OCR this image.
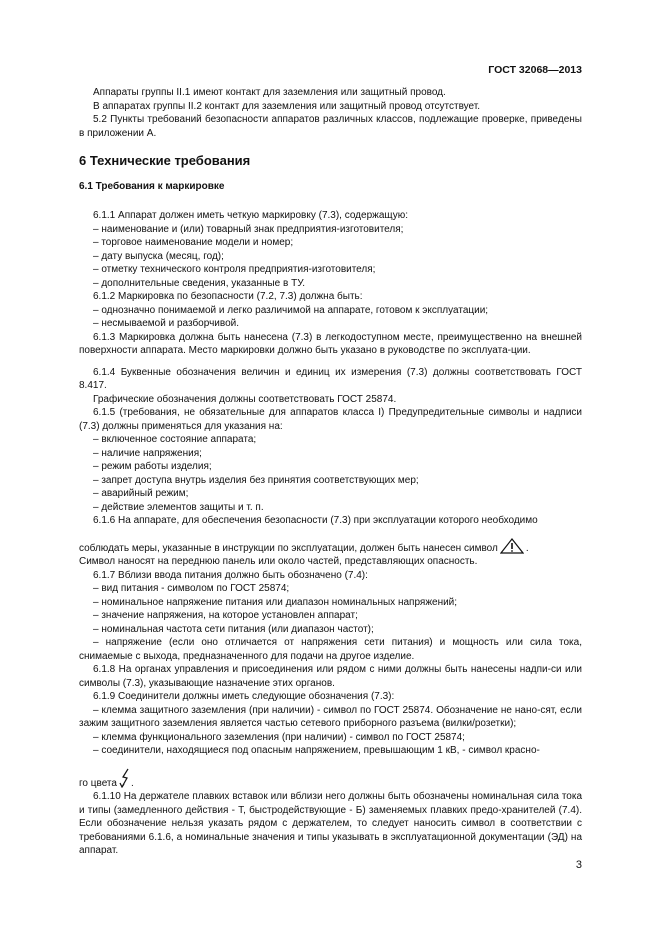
ГОСТ 32068—2013

Аппараты группы II.1 имеют контакт для заземления или защитный провод.

В аппаратах группы II.2 контакт для заземления или защитный провод отсутствует.

5.2 Пункты требований безопасности аппаратов различных классов, подлежащие проверке, приведены в приложении А.

6 Технические требования
6.1 Требования к маркировке

6.1.1 Аппарат должен иметь четкую маркировку (7.3), содержащую:

– наименование и (или) товарный знак предприятия-изготовителя;

– торговое наименование модели и номер;

– дату выпуска (месяц, год);

– отметку технического контроля предприятия-изготовителя;

– дополнительные сведения, указанные в ТУ.

6.1.2 Маркировка по безопасности (7.2, 7.3) должна быть:

– однозначно понимаемой и легко различимой на аппарате, готовом к эксплуатации;

– несмываемой и разборчивой.

6.1.3 Маркировка должна быть нанесена (7.3) в легкодоступном месте, преимущественно на внешней поверхности аппарата. Место маркировки должно быть указано в руководстве по эксплуата-ции.

6.1.4 Буквенные обозначения величин и единиц их измерения (7.3) должны соответствовать ГОСТ 8.417.

Графические обозначения должны соответствовать ГОСТ 25874.

6.1.5 (требования, не обязательные для аппаратов класса I) Предупредительные символы и надписи (7.3) должны применяться для указания на:

– включенное состояние аппарата;

– наличие напряжения;

– режим работы изделия;

– запрет доступа внутрь изделия без принятия соответствующих мер;

– аварийный режим;

– действие элементов защиты и т. п.

6.1.6 На аппарате, для обеспечения безопасности (7.3) при эксплуатации которого необходимо

соблюдать меры, указанные в инструкции по эксплуатации, должен быть нанесен символ	.

Символ наносят на переднюю панель или около частей, представляющих опасность.

6.1.7 Вблизи ввода питания должно быть обозначено (7.4):

– вид питания - символом по ГОСТ 25874;

– номинальное напряжение питания или диапазон номинальных напряжений;

– значение напряжения, на которое установлен аппарат;

– номинальная частота сети питания (или диапазон частот);

– напряжение (если оно отличается от напряжения сети питания) и мощность или сила тока, снимаемые с выхода, предназначенного для подачи на другое изделие.

6.1.8 На органах управления и присоединения или рядом с ними должны быть нанесены надпи-си или символы (7.3), указывающие назначение этих органов.

6.1.9 Соединители должны иметь следующие обозначения (7.3):

– клемма защитного заземления (при наличии) - символ по ГОСТ 25874. Обозначение не нано-сят, если зажим защитного заземления является частью сетевого приборного разъема (вилки/розетки);

– клемма функционального заземления (при наличии) - символ по ГОСТ 25874;

– соединители, находящиеся под опасным напряжением, превышающим 1 кВ, - символ красно-

го цвета .

6.1.10 На держателе плавких вставок или вблизи него должны быть обозначены номинальная сила тока и типы (замедленного действия - Т, быстродействующие - Б) заменяемых плавких предо-хранителей (7.4). Если обозначение нельзя указать рядом с держателем, то следует наносить символ в соответствии с требованиями 6.1.6, а номинальные значения и типы указывать в эксплуатационной документации (ЭД) на аппарат.

3
